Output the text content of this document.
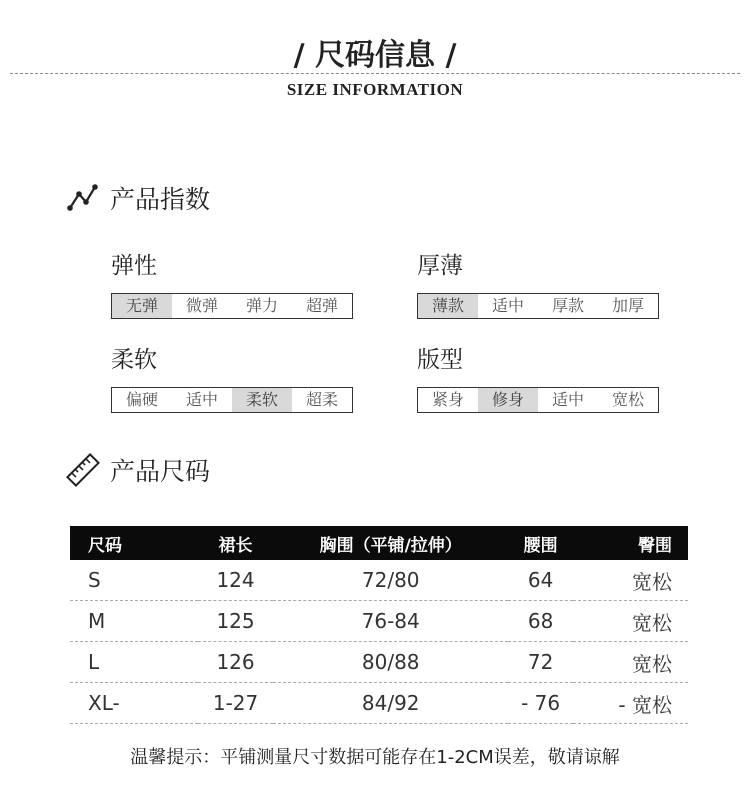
/ 尺码信息 /
SIZE INFORMATION
产品指数
弹性
无弹	微弹	弹力	超弹
厚薄
薄款	适中	厚款	加厚
柔软
偏硬	适中	柔软	超柔
版型
紧身	修身	适中	宽松
产品尺码
尺码	裙长	胸围（平铺/拉伸）	腰围	臀围
S	124	72/80	64	宽松
M	125	76-84	68	宽松
L	126	80/88	72	宽松
XL-	1-27	84/92	- 76	- 宽松
温馨提示：平铺测量尺寸数据可能存在1-2CM误差，敬请谅解
